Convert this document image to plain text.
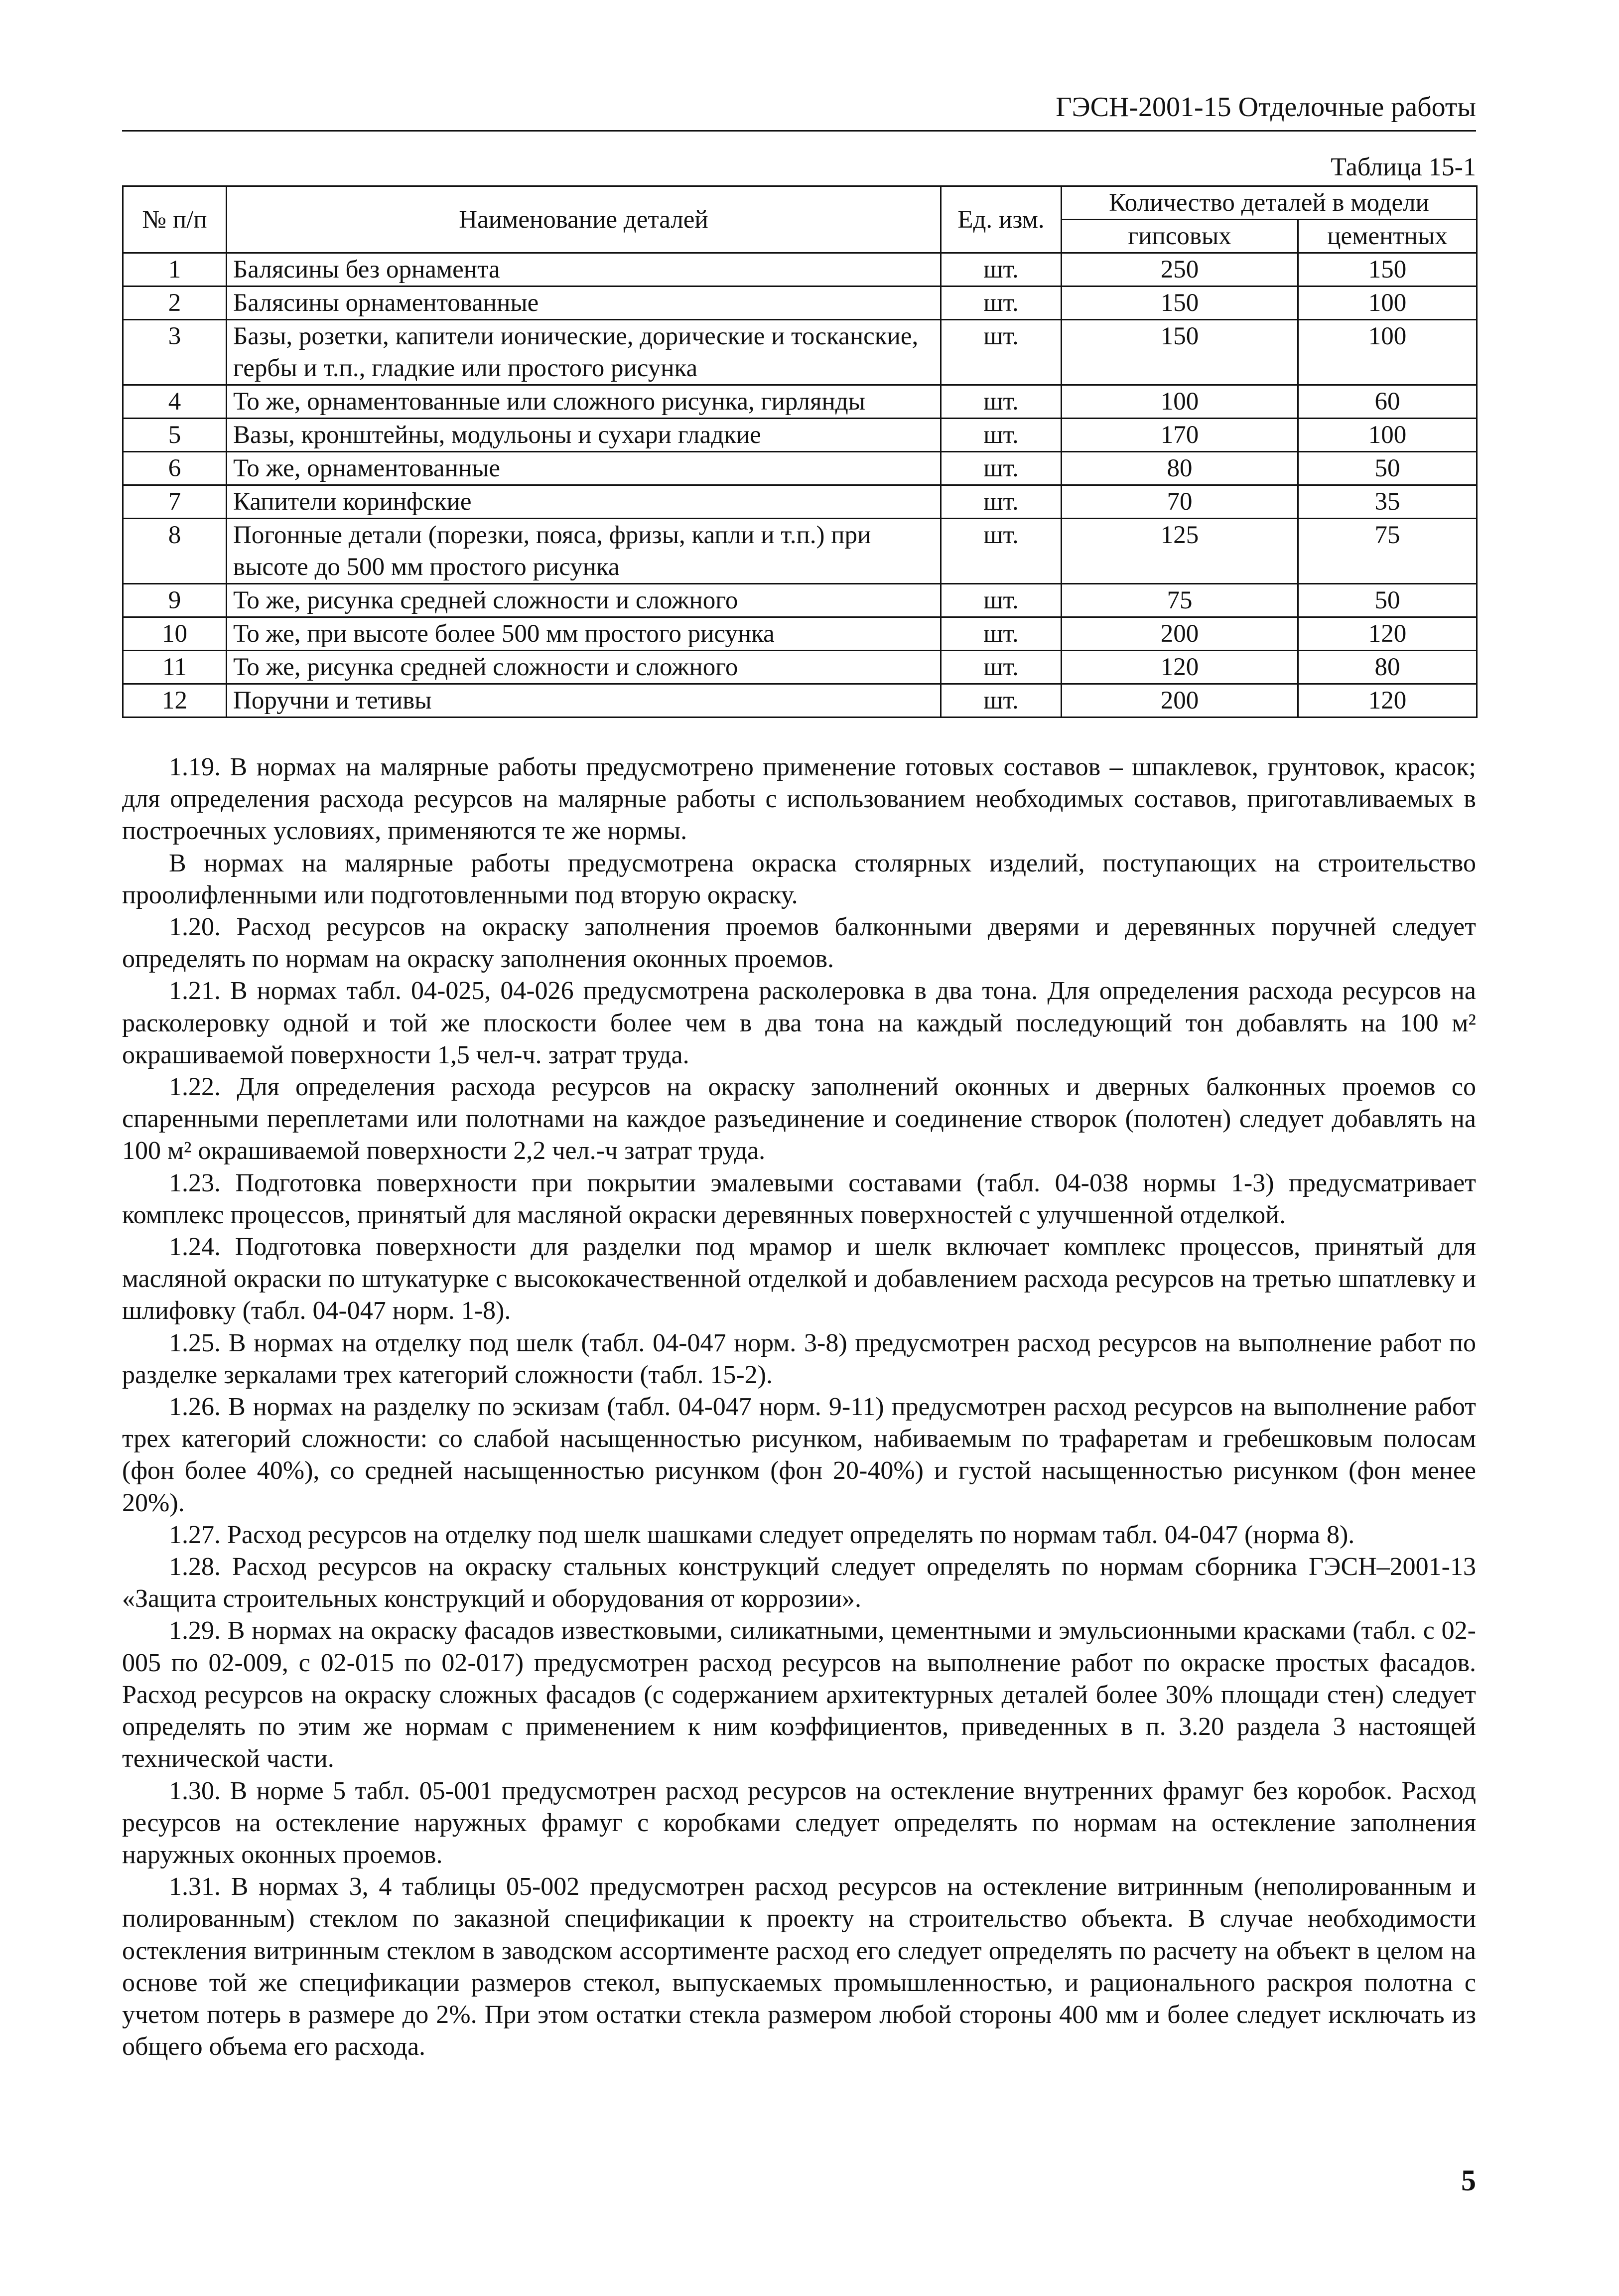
ГЭСН-2001-15 Отделочные работы
Таблица 15-1
№ п/п	Наименование деталей	Ед. изм.	Количество деталей в модели	
			гипсовых	цементных
1	Балясины без орнамента	шт.	250	150
2	Балясины орнаментованные	шт.	150	100
3	Базы, розетки, капители ионические, дорические и тосканские, гербы и т.п., гладкие или простого рисунка	шт.	150	100
4	То же, орнаментованные или сложного рисунка, гирлянды	шт.	100	60
5	Вазы, кронштейны, модульоны и сухари гладкие	шт.	170	100
6	То же, орнаментованные	шт.	80	50
7	Капители коринфские	шт.	70	35
8	Погонные детали (порезки, пояса, фризы, капли и т.п.) при высоте до 500 мм простого рисунка	шт.	125	75
9	То же, рисунка средней сложности и сложного	шт.	75	50
10	То же, при высоте более 500 мм простого рисунка	шт.	200	120
11	То же, рисунка средней сложности и сложного	шт.	120	80
12	Поручни и тетивы	шт.	200	120

1.19. В нормах на малярные работы предусмотрено применение готовых составов – шпаклевок, грунтовок, красок; для определения расхода ресурсов на малярные работы с использованием необходимых составов, приготавливаемых в построечных условиях, применяются те же нормы.

В нормах на малярные работы предусмотрена окраска столярных изделий, поступающих на строительство проолифленными или подготовленными под вторую окраску.

1.20. Расход ресурсов на окраску заполнения проемов балконными дверями и деревянных поручней следует определять по нормам на окраску заполнения оконных проемов.

1.21. В нормах табл. 04-025, 04-026 предусмотрена расколеровка в два тона. Для определения расхода ресурсов на расколеровку одной и той же плоскости более чем в два тона на каждый последующий тон добавлять на 100 м² окрашиваемой поверхности 1,5 чел-ч. затрат труда.

1.22. Для определения расхода ресурсов на окраску заполнений оконных и дверных балконных проемов со спаренными переплетами или полотнами на каждое разъединение и соединение створок (полотен) следует добавлять на 100 м² окрашиваемой поверхности 2,2 чел.-ч затрат труда.

1.23. Подготовка поверхности при покрытии эмалевыми составами (табл. 04-038 нормы 1-3) предусматривает комплекс процессов, принятый для масляной окраски деревянных поверхностей с улучшенной отделкой.

1.24. Подготовка поверхности для разделки под мрамор и шелк включает комплекс процессов, принятый для масляной окраски по штукатурке с высококачественной отделкой и добавлением расхода ресурсов на третью шпатлевку и шлифовку (табл. 04-047 норм. 1-8).

1.25. В нормах на отделку под шелк (табл. 04-047 норм. 3-8) предусмотрен расход ресурсов на выполнение работ по разделке зеркалами трех категорий сложности (табл. 15-2).

1.26. В нормах на разделку по эскизам (табл. 04-047 норм. 9-11) предусмотрен расход ресурсов на выполнение работ трех категорий сложности: со слабой насыщенностью рисунком, набиваемым по трафаретам и гребешковым полосам (фон более 40%), со средней насыщенностью рисунком (фон 20-40%) и густой насыщенностью рисунком (фон менее 20%).

1.27. Расход ресурсов на отделку под шелк шашками следует определять по нормам табл. 04-047 (норма 8).

1.28. Расход ресурсов на окраску стальных конструкций следует определять по нормам сборника ГЭСН–2001-13 «Защита строительных конструкций и оборудования от коррозии».

1.29. В нормах на окраску фасадов известковыми, силикатными, цементными и эмульсионными красками (табл. с 02-005 по 02-009, с 02-015 по 02-017) предусмотрен расход ресурсов на выполнение работ по окраске простых фасадов. Расход ресурсов на окраску сложных фасадов (с содержанием архитектурных деталей более 30% площади стен) следует определять по этим же нормам с применением к ним коэффициентов, приведенных в п. 3.20 раздела 3 настоящей технической части.

1.30. В норме 5 табл. 05-001 предусмотрен расход ресурсов на остекление внутренних фрамуг без коробок. Расход ресурсов на остекление наружных фрамуг с коробками следует определять по нормам на остекление заполнения наружных оконных проемов.

1.31. В нормах 3, 4 таблицы 05-002 предусмотрен расход ресурсов на остекление витринным (неполированным и полированным) стеклом по заказной спецификации к проекту на строительство объекта. В случае необходимости остекления витринным стеклом в заводском ассортименте расход его следует определять по расчету на объект в целом на основе той же спецификации размеров стекол, выпускаемых промышленностью, и рационального раскроя полотна с учетом потерь в размере до 2%. При этом остатки стекла размером любой стороны 400 мм и более следует исключать из общего объема его расхода.

5
